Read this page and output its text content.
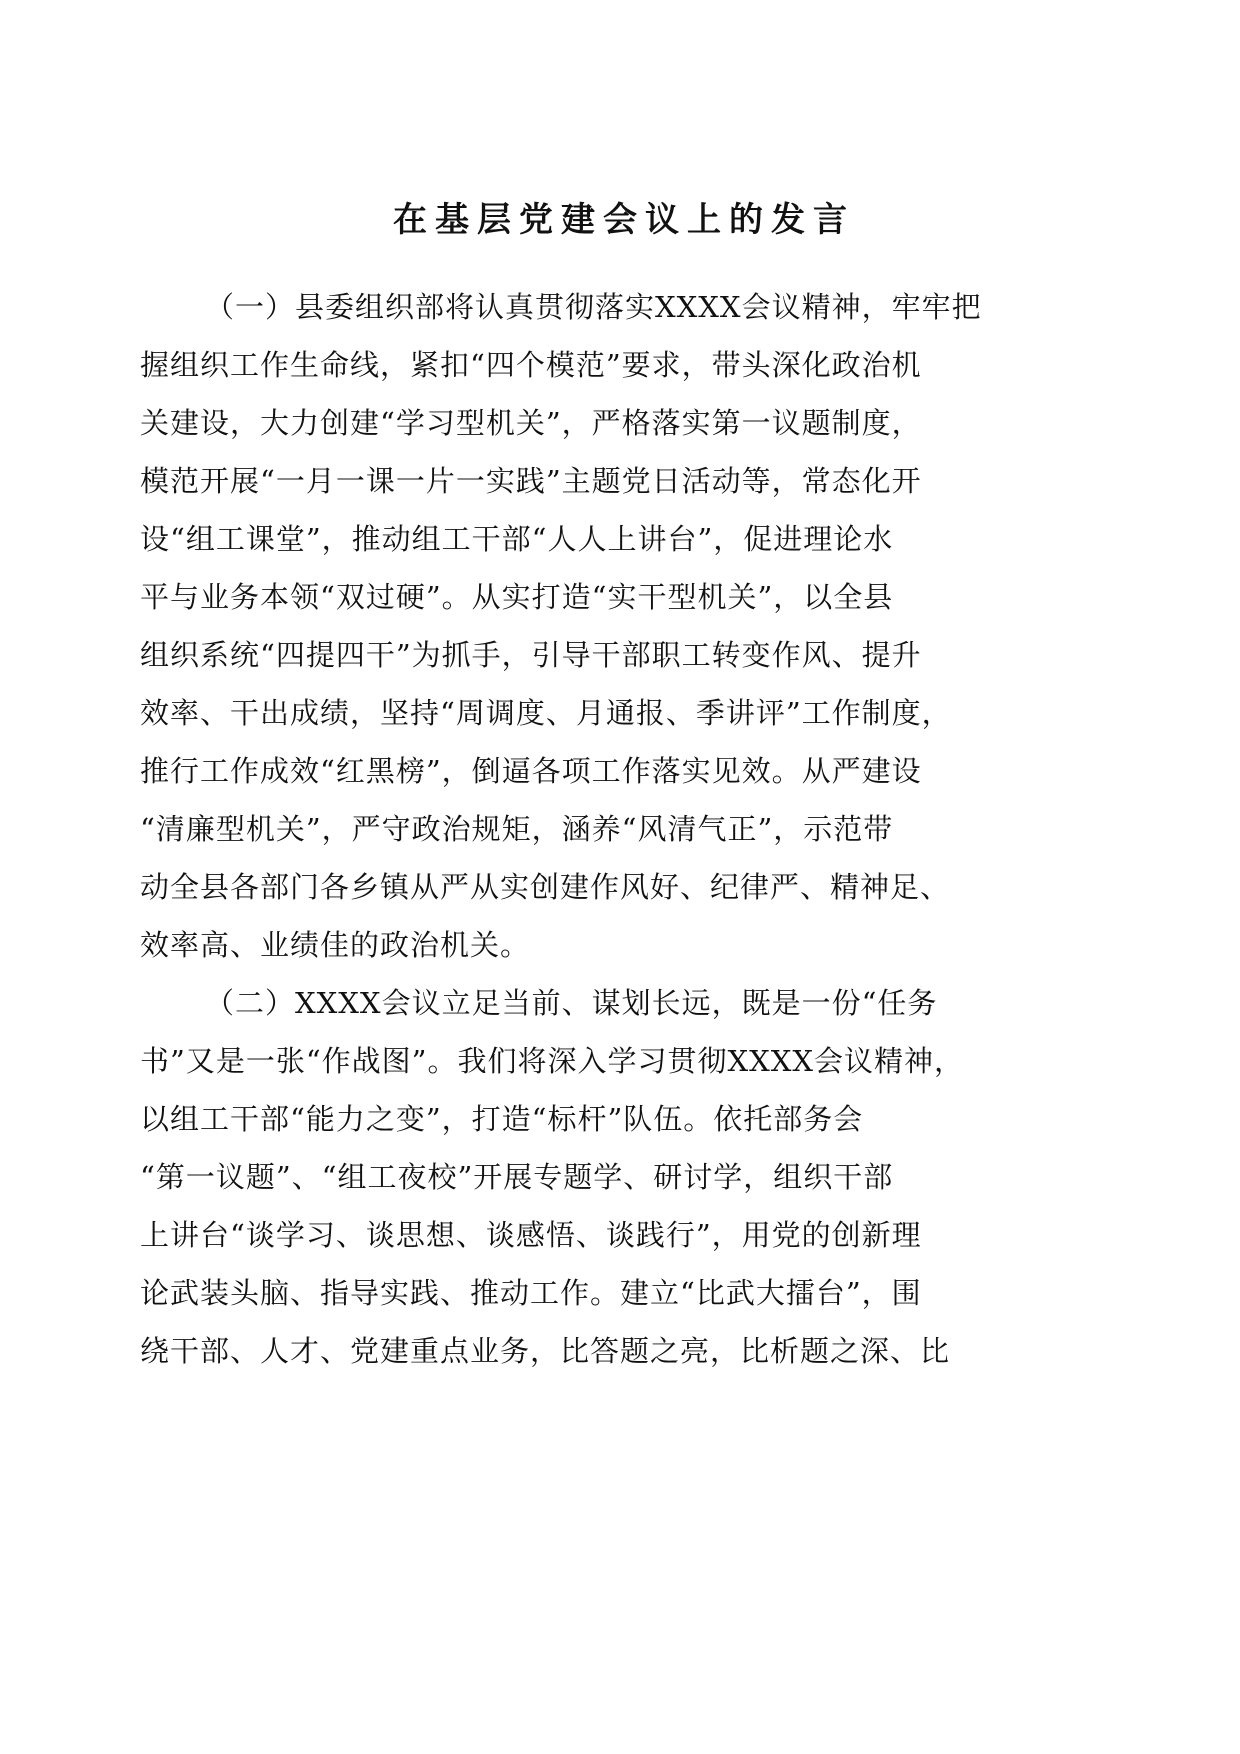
在基层党建会议上的发言
（一）县委组织部将认真贯彻落实XXXX会议精神，牢牢把
握组织工作生命线，紧扣“四个模范”要求，带头深化政治机
关建设，大力创建“学习型机关”，严格落实第一议题制度，
模范开展“一月一课一片一实践”主题党日活动等，常态化开
设“组工课堂”，推动组工干部“人人上讲台”，促进理论水
平与业务本领“双过硬”。从实打造“实干型机关”，以全县
组织系统“四提四干”为抓手，引导干部职工转变作风、提升
效率、干出成绩，坚持“周调度、月通报、季讲评”工作制度，
推行工作成效“红黑榜”，倒逼各项工作落实见效。从严建设
“清廉型机关”，严守政治规矩，涵养“风清气正”，示范带
动全县各部门各乡镇从严从实创建作风好、纪律严、精神足、
效率高、业绩佳的政治机关。
（二）XXXX会议立足当前、谋划长远，既是一份“任务
书”又是一张“作战图”。我们将深入学习贯彻XXXX会议精神，
以组工干部“能力之变”，打造“标杆”队伍。依托部务会
“第一议题”、“组工夜校”开展专题学、研讨学，组织干部
上讲台“谈学习、谈思想、谈感悟、谈践行”，用党的创新理
论武装头脑、指导实践、推动工作。建立“比武大擂台”，围
绕干部、人才、党建重点业务，比答题之亮，比析题之深、比
